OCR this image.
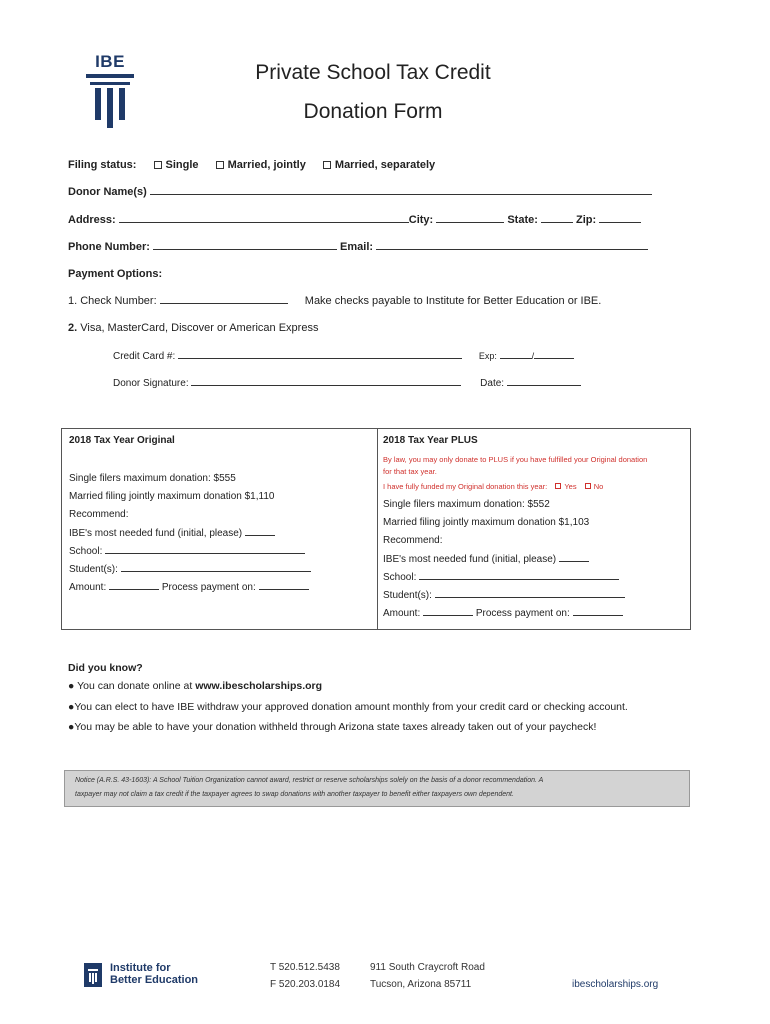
IBE	Private School Tax Credit
Donation Form
Filing status:	Single	Married, jointly	Married, separately
Donor Name(s)
Address:	City:	State:	Zip:
Phone Number:	Email:
Payment Options:
1. Check Number:	Make checks payable to Institute for Better Education or IBE.
2. Visa, MasterCard, Discover or American Express
Credit Card #:	Exp:	/
Donor Signature:	Date:
2018 Tax Year Original
Single filers maximum donation: $555
Married filing jointly maximum donation $1,110
Recommend:
IBE's most needed fund (initial, please)
School:
Student(s):
Amount:	Process payment on:
2018 Tax Year PLUS
By law, you may only donate to PLUS if you have fulfilled your Original donation
for that tax year.
I have fully funded my Original donation this year: Yes No
Single filers maximum donation: $552
Married filing jointly maximum donation $1,103
Recommend:
IBE's most needed fund (initial, please)
School:
Student(s):
Amount:	Process payment on:
Did you know?
● You can donate online at www.ibescholarships.org
●You can elect to have IBE withdraw your approved donation amount monthly from your credit card or checking account.
●You may be able to have your donation withheld through Arizona state taxes already taken out of your paycheck!
Notice (A.R.S. 43-1603): A School Tuition Organization cannot award, restrict or reserve scholarships solely on the basis of a donor recommendation. A
taxpayer may not claim a tax credit if the taxpayer agrees to swap donations with another taxpayer to benefit either taxpayers own dependent.
Institute for
Better Education
T 520.512.5438
F 520.203.0184
911 South Craycroft Road
Tucson, Arizona 85711	ibescholarships.org
